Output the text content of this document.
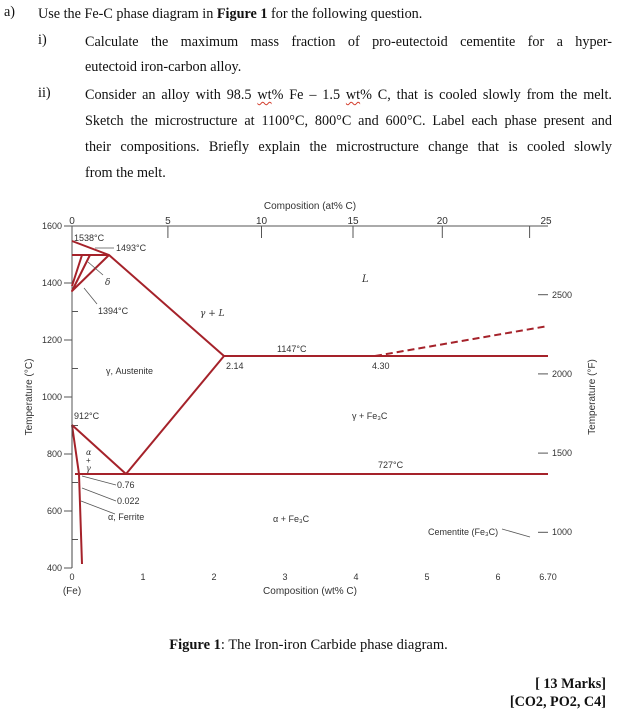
a) Use the Fe-C phase diagram in Figure 1 for the following question.
i)	Calculate the maximum mass fraction of pro-eutectoid cementite for a hyper-
eutectoid iron-carbon alloy.
ii) Consider an alloy with 98.5 wt% Fe – 1.5 wt% C, that is cooled slowly from the melt.
Sketch the microstructure at 1100°C, 800°C and 600°C. Label each phase present and
their compositions. Briefly explain the microstructure change that is cooled slowly
from the melt.
Composition (at% C)
Composition (wt% C)
(Fe)
Temperature (°C)	Temperature (°F)
0	5	10	15	20	25
0	1	2	3	4	5	6	6.70
400
600
800
1000
1200
1400
1600
1000
1500
2000
2500
1538°C
1493°C
δ
1394°C	γ + L
L
1147°C
2.14	4.30
γ, Austenite
912°C	γ + Fe₃C
α
+
γ	727°C
0.76
0.022
α, Ferrite	α + Fe₃C
Cementite (Fe₃C)
Figure 1: The Iron-iron Carbide phase diagram.
[ 13 Marks]
[CO2, PO2, C4]
